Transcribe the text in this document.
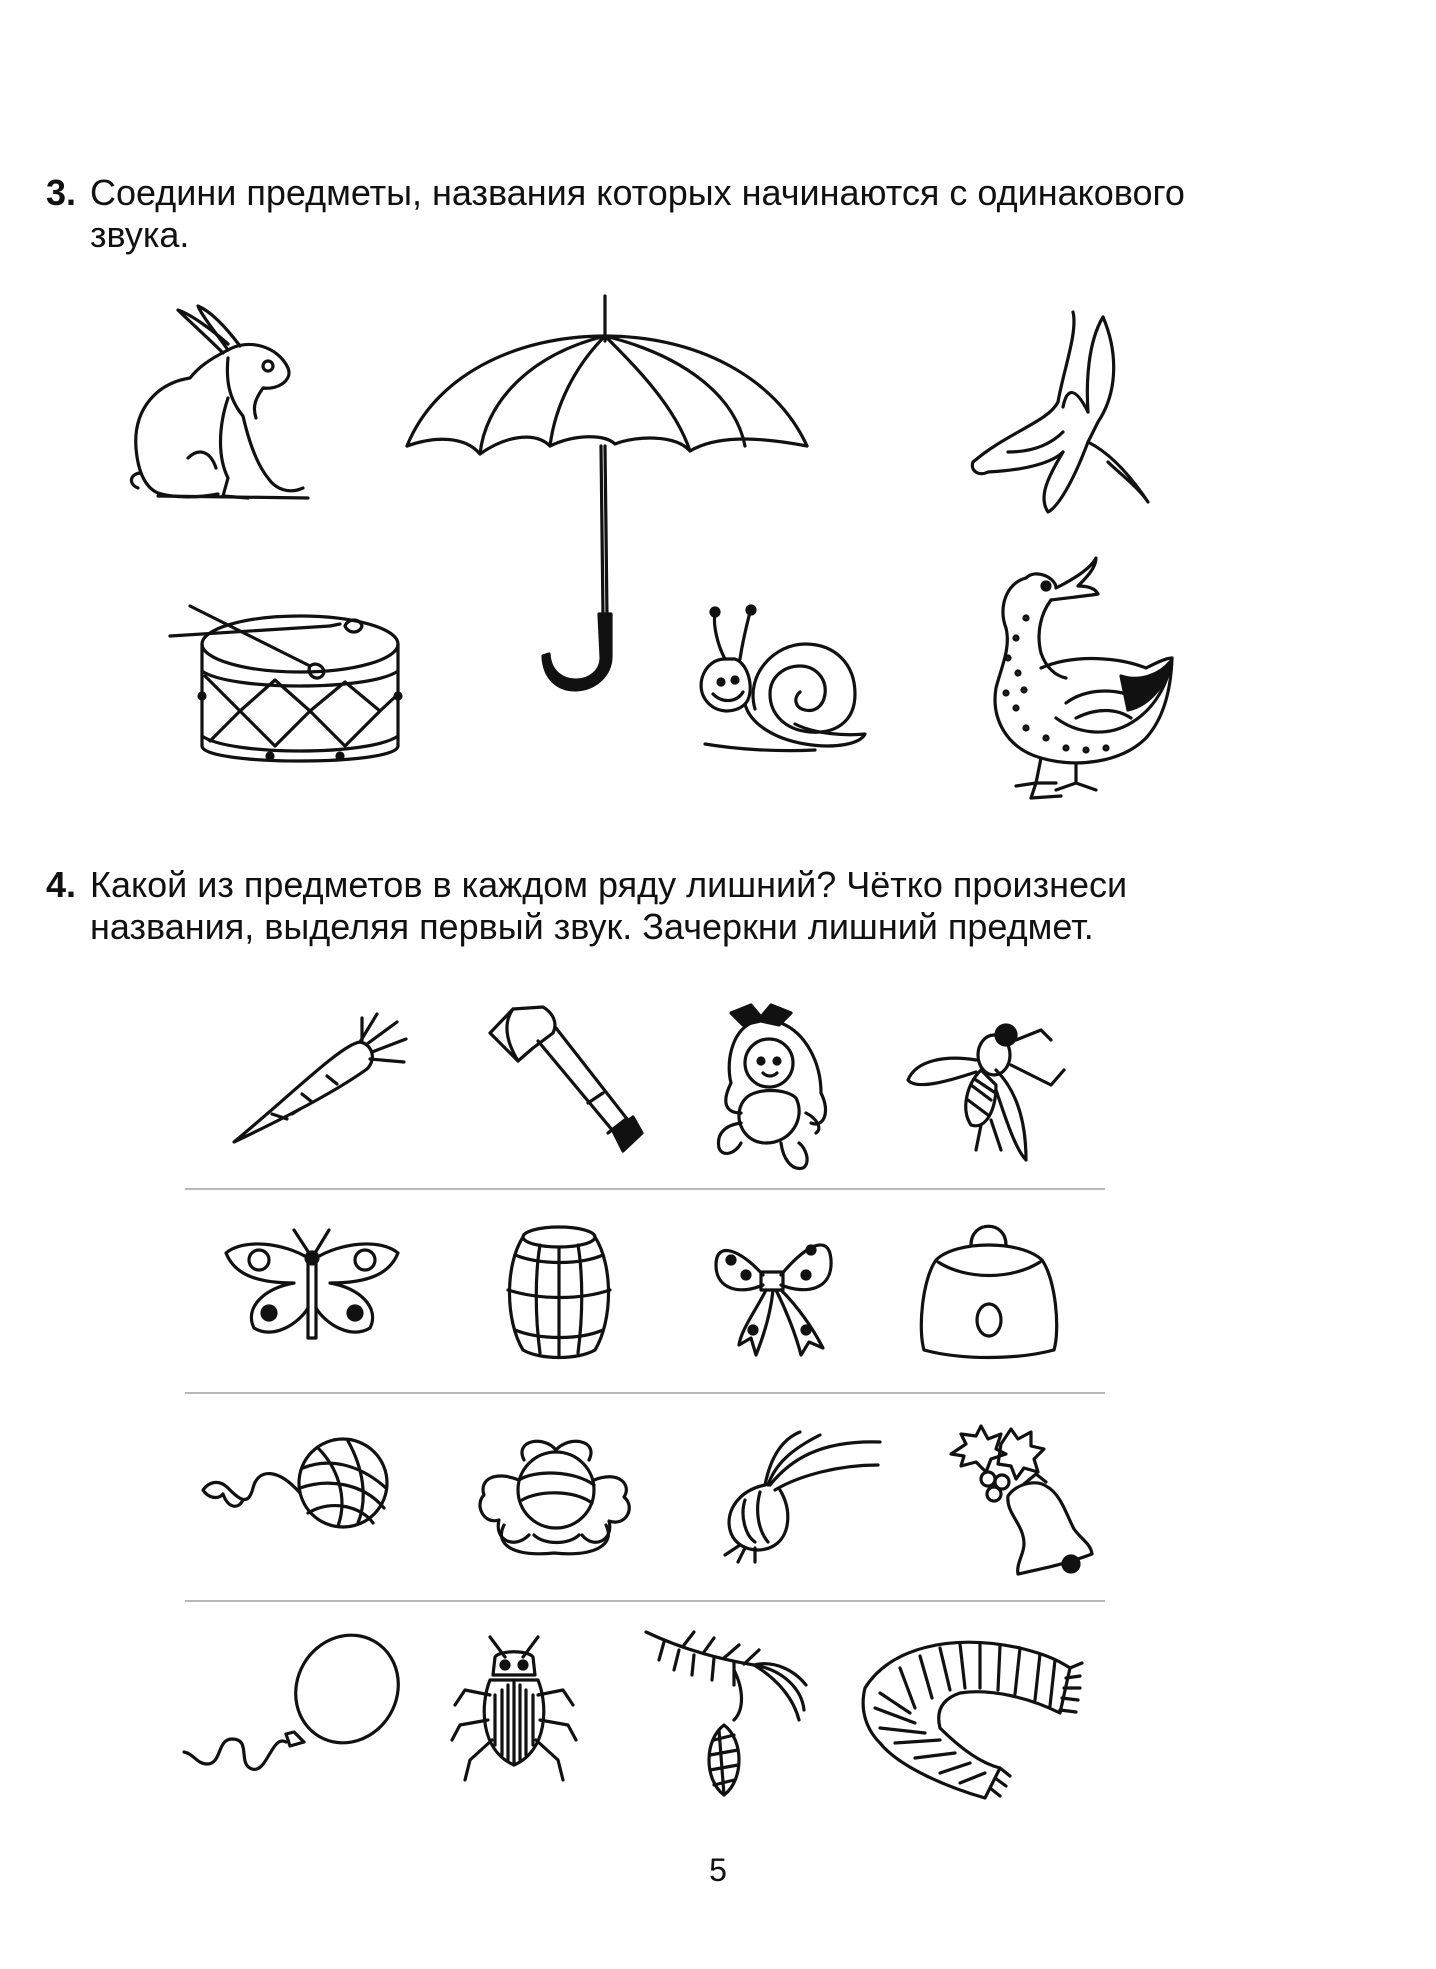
3. Соедини предметы, названия которых начинаются с одинакового
звука.
4. Какой из предметов в каждом ряду лишний? Чётко произнеси
названия, выделяя первый звук. Зачеркни лишний предмет.
5
